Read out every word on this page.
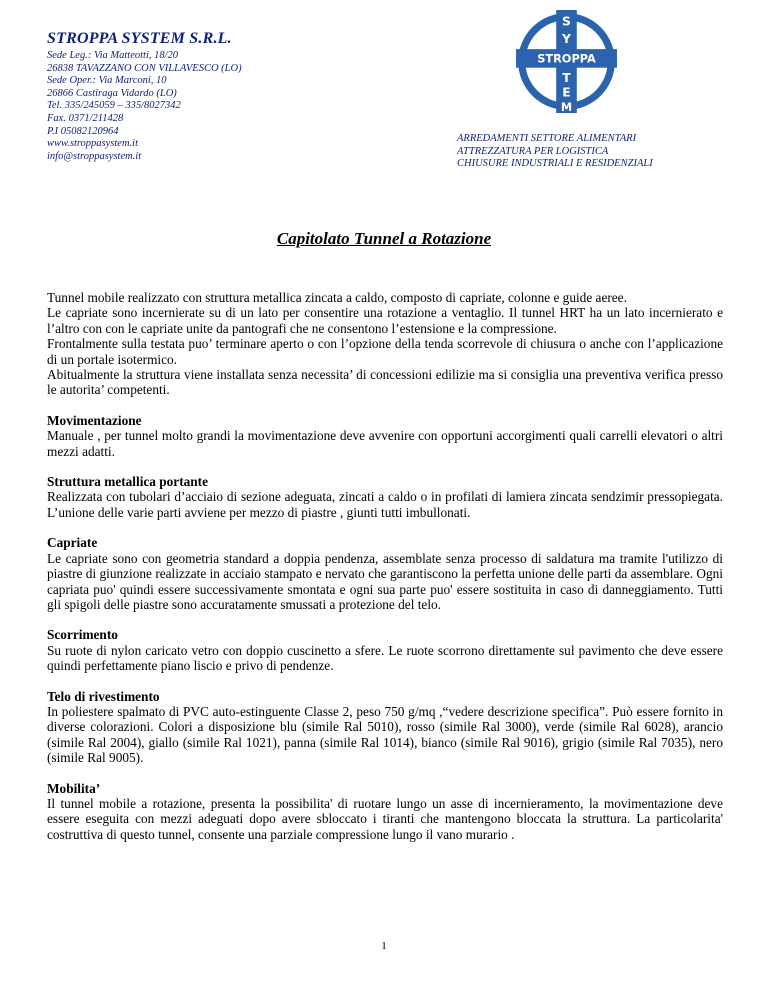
STROPPA SYSTEM S.R.L.
Sede Leg.: Via Matteotti, 18/20
26838 TAVAZZANO CON VILLAVESCO (LO)
Sede Oper.: Via Marconi, 10
26866 Castiraga Vidardo (LO)
Tel. 335/245059 – 335/8027342
Fax. 0371/211428
P.I 05082120964
www.stroppasystem.it
info@stroppasystem.it
S
Y
STROPPA
T
E
M
ARREDAMENTI SETTORE ALIMENTARI
ATTREZZATURA PER LOGISTICA
CHIUSURE INDUSTRIALI E RESIDENZIALI
Capitolato Tunnel a Rotazione

Tunnel mobile realizzato con struttura metallica zincata a caldo, composto di capriate, colonne e guide aeree.

Le capriate sono incernierate su di un lato per consentire una rotazione a ventaglio. Il tunnel HRT ha un lato incernierato e l’altro con con le capriate unite da pantografi che ne consentono l’estensione e la compressione.

Frontalmente sulla testata puo’ terminare aperto o con l’opzione della tenda scorrevole di chiusura o anche con l’applicazione di un portale isotermico.

Abitualmente la struttura viene installata senza necessita’ di concessioni edilizie ma si consiglia una preventiva verifica presso le autorita’ competenti.

Movimentazione

Manuale , per tunnel molto grandi la movimentazione deve avvenire con opportuni accorgimenti quali carrelli elevatori o altri mezzi adatti.

Struttura metallica portante

Realizzata con tubolari d’acciaio di sezione adeguata, zincati a caldo o in profilati di lamiera zincata sendzimir pressopiegata. L’unione delle varie parti avviene per mezzo di piastre , giunti tutti imbullonati.

Capriate

Le capriate sono con geometria standard a doppia pendenza, assemblate senza processo di saldatura ma tramite l'utilizzo di piastre di giunzione realizzate in acciaio stampato e nervato che garantiscono la perfetta unione delle parti da assemblare. Ogni capriata puo' quindi essere successivamente smontata e ogni sua parte puo' essere sostituita in caso di danneggiamento. Tutti gli spigoli delle piastre sono accuratamente smussati a protezione del telo.

Scorrimento

Su ruote di nylon caricato vetro con doppio cuscinetto a sfere. Le ruote scorrono direttamente sul pavimento che deve essere quindi perfettamente piano liscio e privo di pendenze.

Telo di rivestimento

In poliestere spalmato di PVC auto-estinguente Classe 2, peso 750 g/mq ,“vedere descrizione specifica”. Può essere fornito in diverse colorazioni. Colori a disposizione blu (simile Ral 5010), rosso (simile Ral 3000), verde (simile Ral 6028), arancio (simile Ral 2004), giallo (simile Ral 1021), panna (simile Ral 1014), bianco (simile Ral 9016), grigio (simile Ral 7035), nero (simile Ral 9005).

Mobilita’

Il tunnel mobile a rotazione, presenta la possibilita' di ruotare lungo un asse di incernieramento, la movimentazione deve essere eseguita con mezzi adeguati dopo avere sbloccato i tiranti che mantengono bloccata la struttura. La particolarita' costruttiva di questo tunnel, consente una parziale compressione lungo il vano murario .

1
